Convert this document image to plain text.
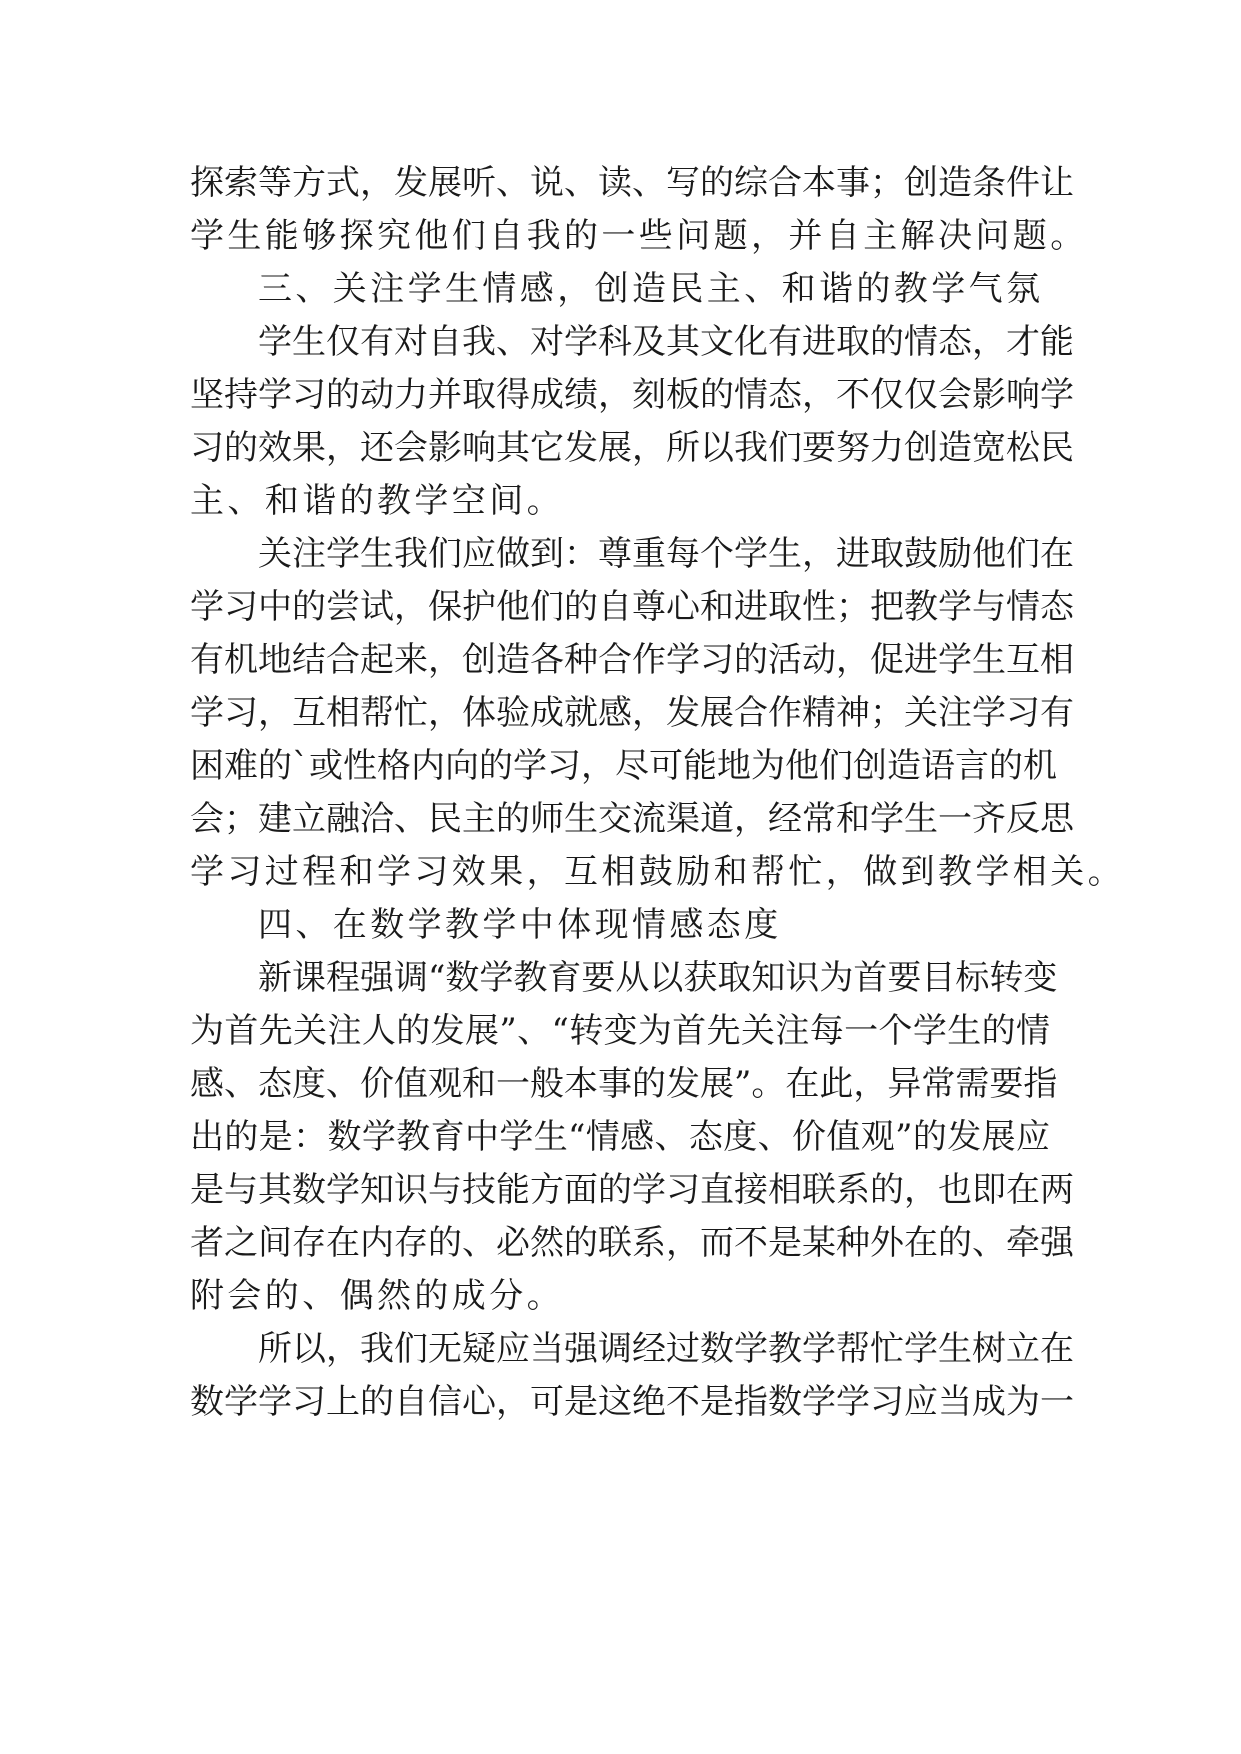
探索等方式，发展听、说、读、写的综合本事；创造条件让
学生能够探究他们自我的一些问题，并自主解决问题。
三、关注学生情感，创造民主、和谐的教学气氛
学生仅有对自我、对学科及其文化有进取的情态，才能
坚持学习的动力并取得成绩，刻板的情态，不仅仅会影响学
习的效果，还会影响其它发展，所以我们要努力创造宽松民
主、和谐的教学空间。
关注学生我们应做到：尊重每个学生，进取鼓励他们在
学习中的尝试，保护他们的自尊心和进取性；把教学与情态
有机地结合起来，创造各种合作学习的活动，促进学生互相
学习，互相帮忙，体验成就感，发展合作精神；关注学习有
困难的`或性格内向的学习，尽可能地为他们创造语言的机
会；建立融洽、民主的师生交流渠道，经常和学生一齐反思
学习过程和学习效果，互相鼓励和帮忙，做到教学相关。
四、在数学教学中体现情感态度
新课程强调“数学教育要从以获取知识为首要目标转变
为首先关注人的发展”、“转变为首先关注每一个学生的情
感、态度、价值观和一般本事的发展”。在此，异常需要指
出的是：数学教育中学生“情感、态度、价值观”的发展应
是与其数学知识与技能方面的学习直接相联系的，也即在两
者之间存在内存的、必然的联系，而不是某种外在的、牵强
附会的、偶然的成分。
所以，我们无疑应当强调经过数学教学帮忙学生树立在
数学学习上的自信心，可是这绝不是指数学学习应当成为一
